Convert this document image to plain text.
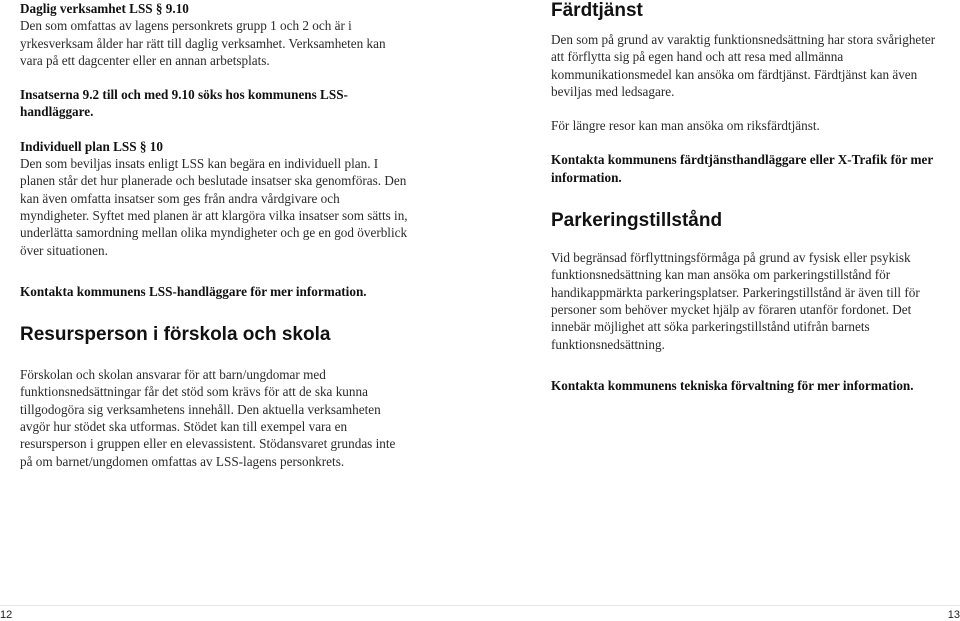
Daglig verksamhet LSS § 9.10

Den som omfattas av lagens personkrets grupp 1 och 2 och är i yrkesverksam ålder har rätt till daglig verksamhet. Verksamheten kan vara på ett dagcenter eller en annan arbetsplats.

Insatserna 9.2 till och med 9.10 söks hos kommunens LSS-handläggare.

Individuell plan LSS § 10

Den som beviljas insats enligt LSS kan begära en individuell plan. I planen står det hur planerade och beslutade insatser ska genomföras. Den kan även omfatta insatser som ges från andra vårdgivare och myndigheter. Syftet med planen är att klargöra vilka insatser som sätts in, underlätta samordning mellan olika myndigheter och ge en god överblick över situationen.

Kontakta kommunens LSS-handläggare för mer information.

Resursperson i förskola och skola

Förskolan och skolan ansvarar för att barn/ungdomar med funktionsnedsättningar får det stöd som krävs för att de ska kunna tillgodogöra sig verksamhetens innehåll. Den aktuella verksamheten avgör hur stödet ska utformas. Stödet kan till exempel vara en resursperson i gruppen eller en elevassistent. Stödansvaret grundas inte på om barnet/ungdomen omfattas av LSS-lagens personkrets.

12
Färdtjänst

Den som på grund av varaktig funktionsnedsättning har stora svårigheter att förflytta sig på egen hand och att resa med allmänna kommunikationsmedel kan ansöka om färdtjänst. Färdtjänst kan även beviljas med ledsagare.

För längre resor kan man ansöka om riksfärdtjänst.

Kontakta kommunens färdtjänsthandläggare eller X-Trafik för mer information.

Parkeringstillstånd

Vid begränsad förflyttningsförmåga på grund av fysisk eller psykisk funktionsnedsättning kan man ansöka om parkeringstillstånd för handikappmärkta parkeringsplatser. Parkeringstillstånd är även till för personer som behöver mycket hjälp av föraren utanför fordonet. Det innebär möjlighet att söka parkeringstillstånd utifrån barnets funktionsnedsättning.

Kontakta kommunens tekniska förvaltning för mer information.

13
